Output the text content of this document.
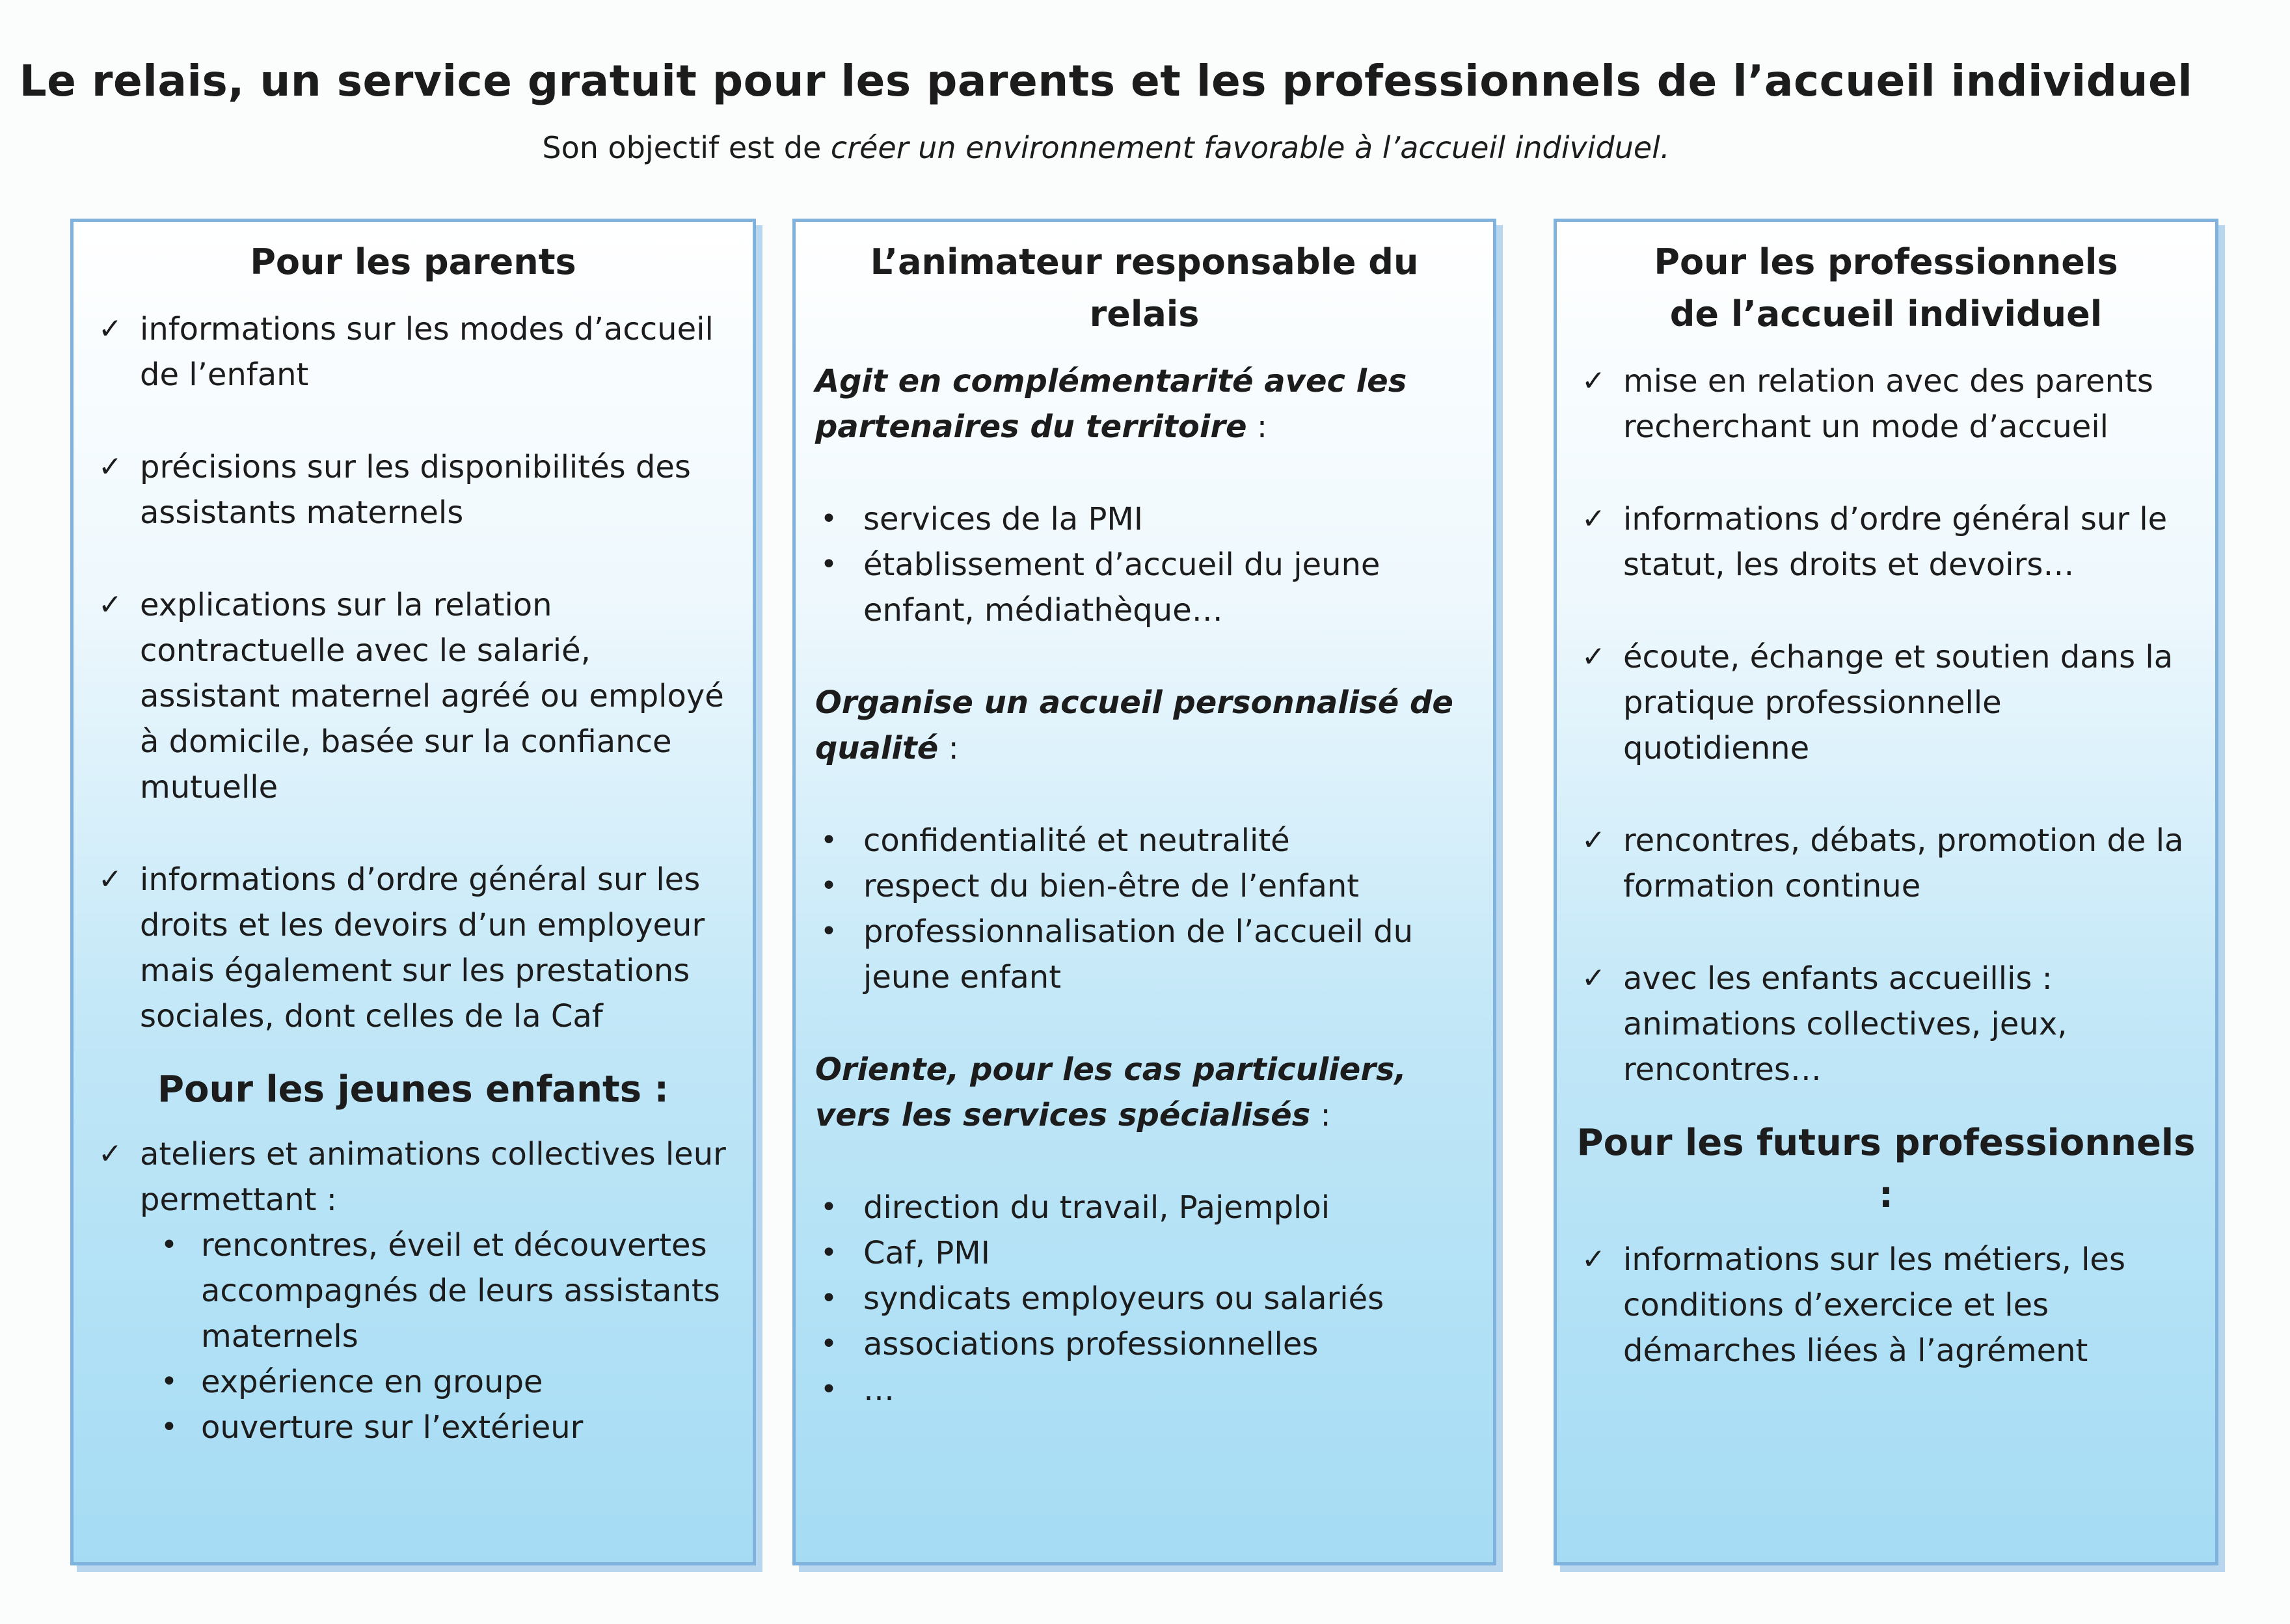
Le relais, un service gratuit pour les parents et les professionnels de l’accueil individuel
Son objectif est de créer un environnement favorable à l’accueil individuel.
Pour les parents
✓ informations sur les modes d’accueil de l’enfant
✓ précisions sur les disponibilités des assistants maternels
✓ explications sur la relation contractuelle avec le salarié, assistant maternel agréé ou employé à domicile, basée sur la confiance mutuelle
✓ informations d’ordre général sur les droits et les devoirs d’un employeur mais également sur les prestations sociales, dont celles de la Caf
Pour les jeunes enfants :
✓ ateliers et animations collectives leur permettant :
• rencontres, éveil et découvertes accompagnés de leurs assistants maternels
• expérience en groupe
• ouverture sur l’extérieur
L’animateur responsable du relais
Agit en complémentarité avec les partenaires du territoire :
• services de la PMI
• établissement d’accueil du jeune enfant, médiathèque…
Organise un accueil personnalisé de qualité :
• confidentialité et neutralité
• respect du bien-être de l’enfant
• professionnalisation de l’accueil du jeune enfant
Oriente, pour les cas particuliers, vers les services spécialisés :
• direction du travail, Pajemploi
• Caf, PMI
• syndicats employeurs ou salariés
• associations professionnelles
• …
Pour les professionnels
de l’accueil individuel
✓ mise en relation avec des parents recherchant un mode d’accueil
✓ informations d’ordre général sur le statut, les droits et devoirs…
✓ écoute, échange et soutien dans la pratique professionnelle quotidienne
✓ rencontres, débats, promotion de la formation continue
✓ avec les enfants accueillis : animations collectives, jeux, rencontres…
Pour les futurs professionnels :
✓ informations sur les métiers, les conditions d’exercice et les démarches liées à l’agrément
